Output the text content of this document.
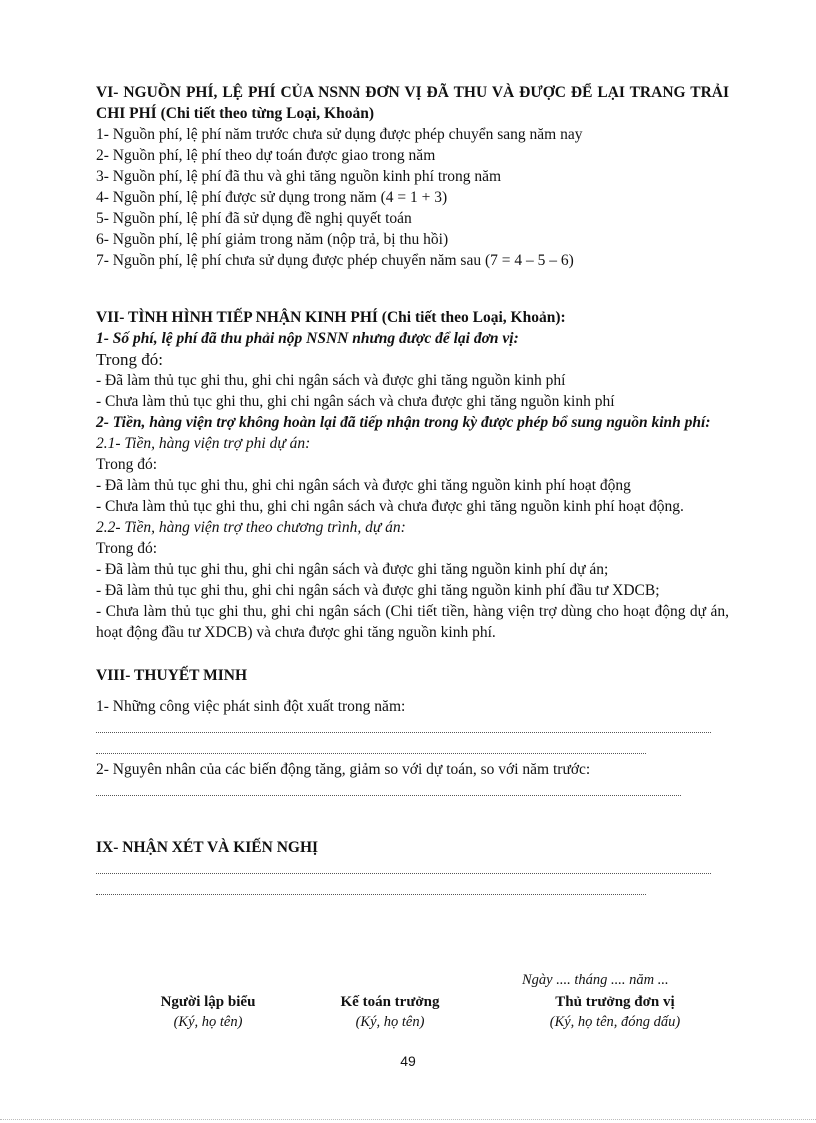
VI- NGUỒN PHÍ, LỆ PHÍ CỦA NSNN ĐƠN VỊ ĐÃ THU VÀ ĐƯỢC ĐỂ LẠI TRANG TRẢI CHI PHÍ (Chi tiết theo từng Loại, Khoản)

1- Nguồn phí, lệ phí năm trước chưa sử dụng được phép chuyển sang năm nay

2- Nguồn phí, lệ phí theo dự toán được giao trong năm

3- Nguồn phí, lệ phí đã thu và ghi tăng nguồn kinh phí trong năm

4- Nguồn phí, lệ phí được sử dụng trong năm (4 = 1 + 3)

5- Nguồn phí, lệ phí đã sử dụng đề nghị quyết toán

6- Nguồn phí, lệ phí giảm trong năm (nộp trả, bị thu hồi)

7- Nguồn phí, lệ phí chưa sử dụng được phép chuyển năm sau (7 = 4 – 5 – 6)

VII- TÌNH HÌNH TIẾP NHẬN KINH PHÍ (Chi tiết theo Loại, Khoản):

1- Số phí, lệ phí đã thu phải nộp NSNN nhưng được để lại đơn vị:

Trong đó:

- Đã làm thủ tục ghi thu, ghi chi ngân sách và được ghi tăng nguồn kinh phí

- Chưa làm thủ tục ghi thu, ghi chi ngân sách và chưa được ghi tăng nguồn kinh phí

2- Tiền, hàng viện trợ không hoàn lại đã tiếp nhận trong kỳ được phép bổ sung nguồn kinh phí:

2.1- Tiền, hàng viện trợ phi dự án:

Trong đó:

- Đã làm thủ tục ghi thu, ghi chi ngân sách và được ghi tăng nguồn kinh phí hoạt động

- Chưa làm thủ tục ghi thu, ghi chi ngân sách và chưa được ghi tăng nguồn kinh phí hoạt động.

2.2- Tiền, hàng viện trợ theo chương trình, dự án:

Trong đó:

- Đã làm thủ tục ghi thu, ghi chi ngân sách và được ghi tăng nguồn kinh phí dự án;

- Đã làm thủ tục ghi thu, ghi chi ngân sách và được ghi tăng nguồn kinh phí đầu tư XDCB;

- Chưa làm thủ tục ghi thu, ghi chi ngân sách (Chi tiết tiền, hàng viện trợ dùng cho hoạt động dự án, hoạt động đầu tư XDCB) và chưa được ghi tăng nguồn kinh phí.

VIII- THUYẾT MINH

1- Những công việc phát sinh đột xuất trong năm:

2- Nguyên nhân của các biến động tăng, giảm so với dự toán, so với năm trước:

IX- NHẬN XÉT VÀ KIẾN NGHỊ

Ngày .... tháng .... năm ...
Người lập biểu
(Ký, họ tên)
Kế toán trưởng
(Ký, họ tên)
Thủ trưởng đơn vị
(Ký, họ tên, đóng dấu)
49
